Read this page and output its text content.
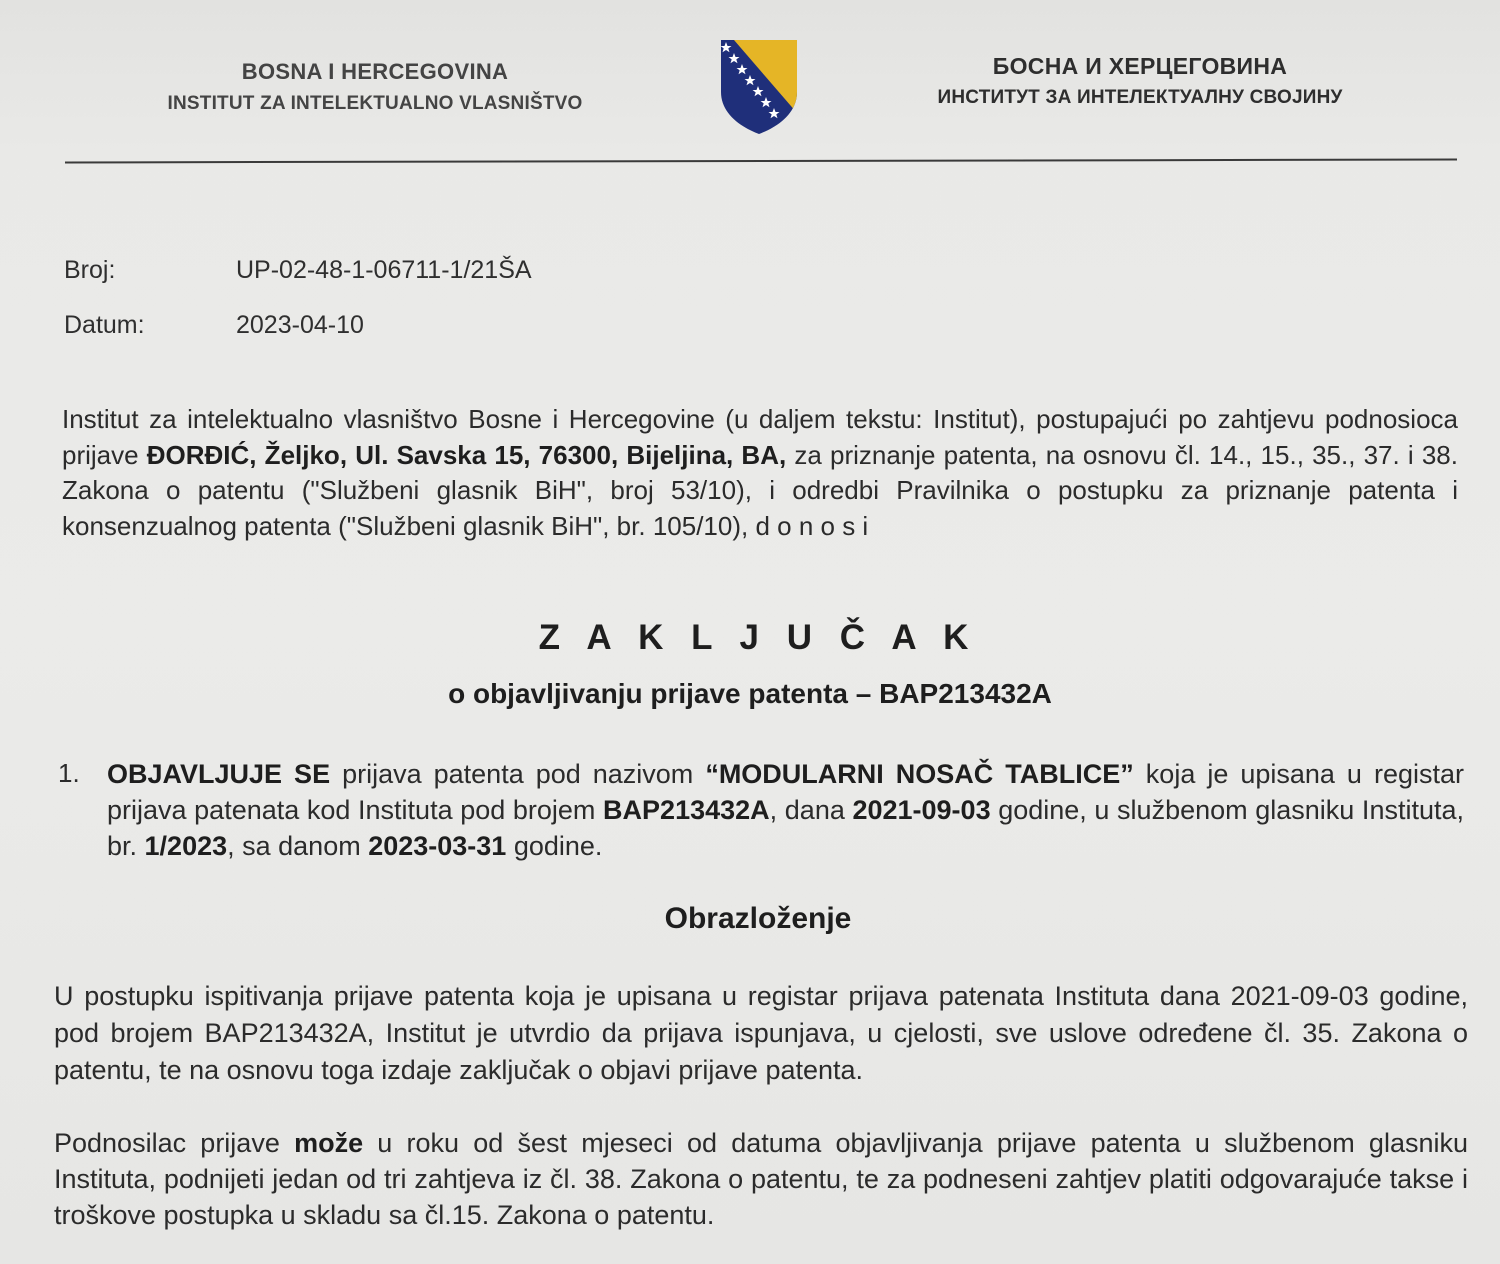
BOSNA I HERCEGOVINA
INSTITUT ZA INTELEKTUALNO VLASNIŠTVO
БОСНА И ХЕРЦЕГОВИНА
ИНСТИТУТ ЗА ИНТЕЛЕКТУАЛНУ СВОЈИНУ
Broj:	UP-02-48-1-06711-1/21ŠA
Datum:	2023-04-10
Institut za intelektualno vlasništvo Bosne i Hercegovine (u daljem tekstu: Institut), postupajući po zahtjevu podnosioca prijave ĐORĐIĆ, Željko, Ul. Savska 15, 76300, Bijeljina, BA, za priznanje patenta, na osnovu čl. 14., 15., 35., 37. i 38. Zakona o patentu ("Službeni glasnik BiH", broj 53/10), i odredbi Pravilnika o postupku za priznanje patenta i konsenzualnog patenta ("Službeni glasnik BiH", br. 105/10), d o n o s i
Z A K L J U Č A K
o objavljivanju prijave patenta – BAP213432A
1. OBJAVLJUJE SE prijava patenta pod nazivom “MODULARNI NOSAČ TABLICE” koja je upisana u registar prijava patenata kod Instituta pod brojem BAP213432A, dana 2021-09-03 godine, u službenom glasniku Instituta, br. 1/2023, sa danom 2023-03-31 godine.
Obrazloženje
U postupku ispitivanja prijave patenta koja je upisana u registar prijava patenata Instituta dana 2021-09-03 godine, pod brojem BAP213432A, Institut je utvrdio da prijava ispunjava, u cjelosti, sve uslove određene čl. 35. Zakona o patentu, te na osnovu toga izdaje zaključak o objavi prijave patenta.
Podnosilac prijave može u roku od šest mjeseci od datuma objavljivanja prijave patenta u službenom glasniku Instituta, podnijeti jedan od tri zahtjeva iz čl. 38. Zakona o patentu, te za podneseni zahtjev platiti odgovarajuće takse i troškove postupka u skladu sa čl.15. Zakona o patentu.
